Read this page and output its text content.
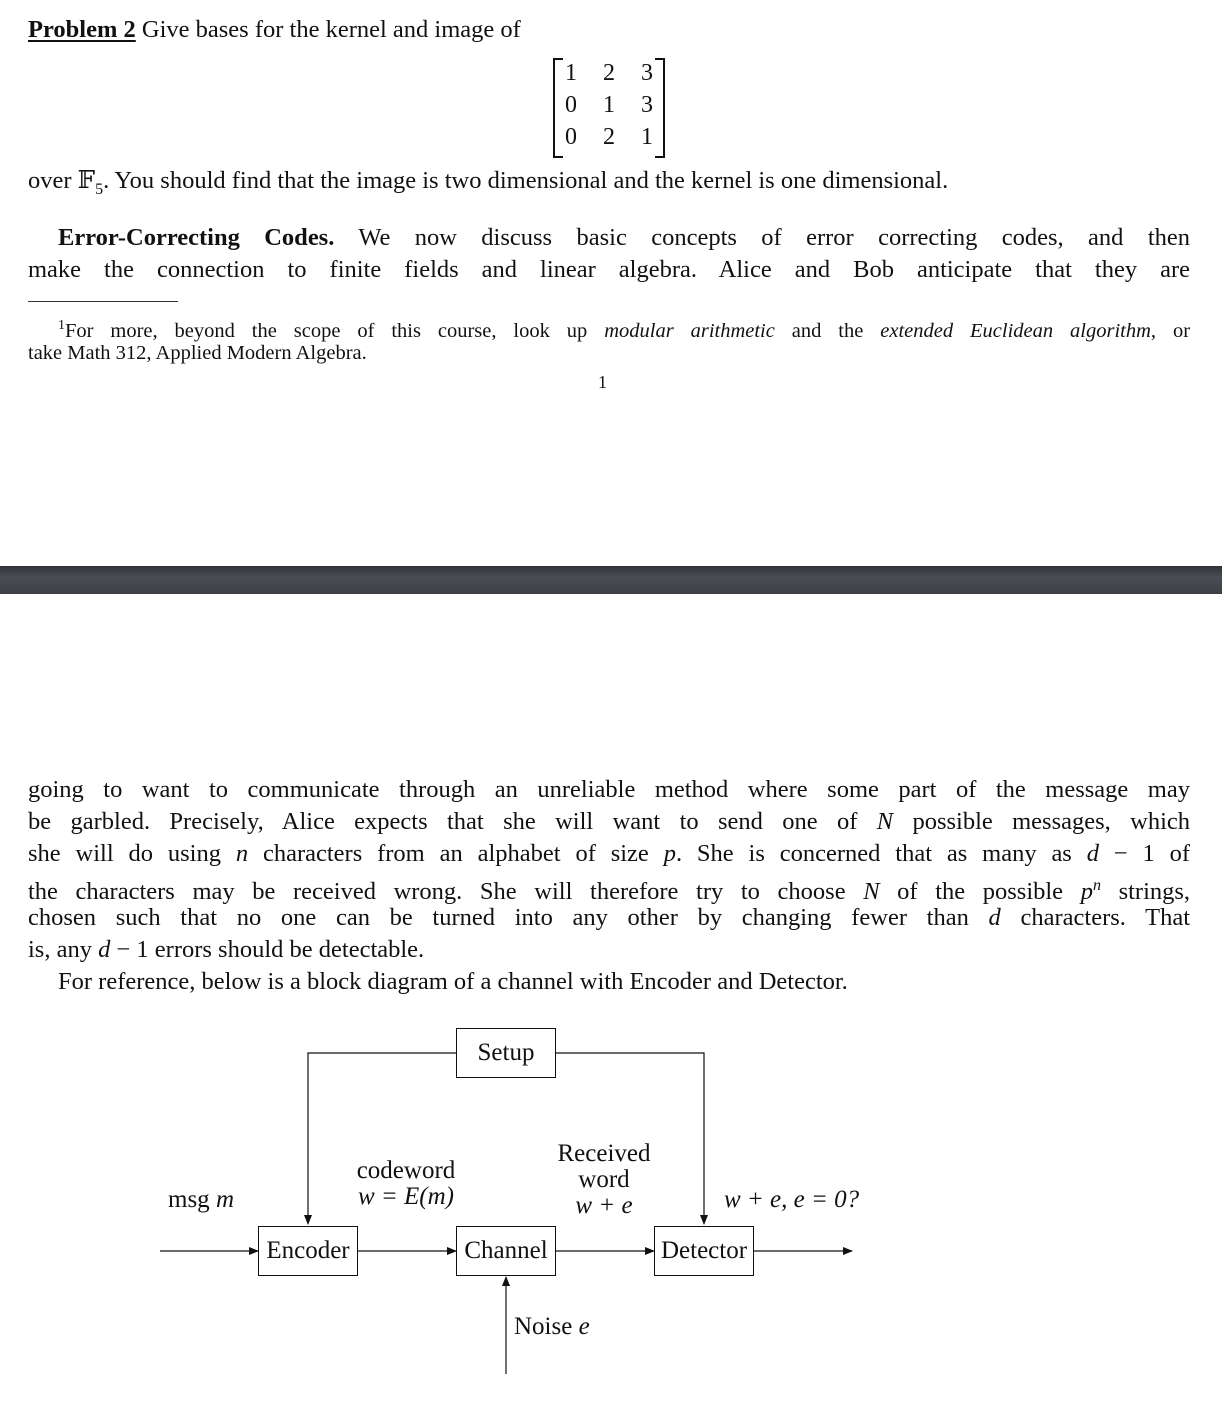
Problem 2 Give bases for the kernel and image of
1 2 3
0 1 3
0 2 1
over 𝔽$_5$. You should find that the image is two dimensional and the kernel is one dimensional.
Error-Correcting Codes. We now discuss basic concepts of error correcting codes, and then
make the connection to finite fields and linear algebra. Alice and Bob anticipate that they are
$^1$For more, beyond the scope of this course, look up modular arithmetic and the extended Euclidean algorithm, or
take Math 312, Applied Modern Algebra.
1
going to want to communicate through an unreliable method where some part of the message may
be garbled. Precisely, Alice expects that she will want to send one of N possible messages, which
she will do using n characters from an alphabet of size p. She is concerned that as many as d − 1 of
the characters may be received wrong. She will therefore try to choose N of the possible $p^n$ strings,
chosen such that no one can be turned into any other by changing fewer than d characters. That
is, any d − 1 errors should be detectable.
For reference, below is a block diagram of a channel with Encoder and Detector.
Setup
Encoder	Channel	Detector
msg m
codeword
w = E(m)
Received
word
w + e	w + e, e = 0?
Noise e
